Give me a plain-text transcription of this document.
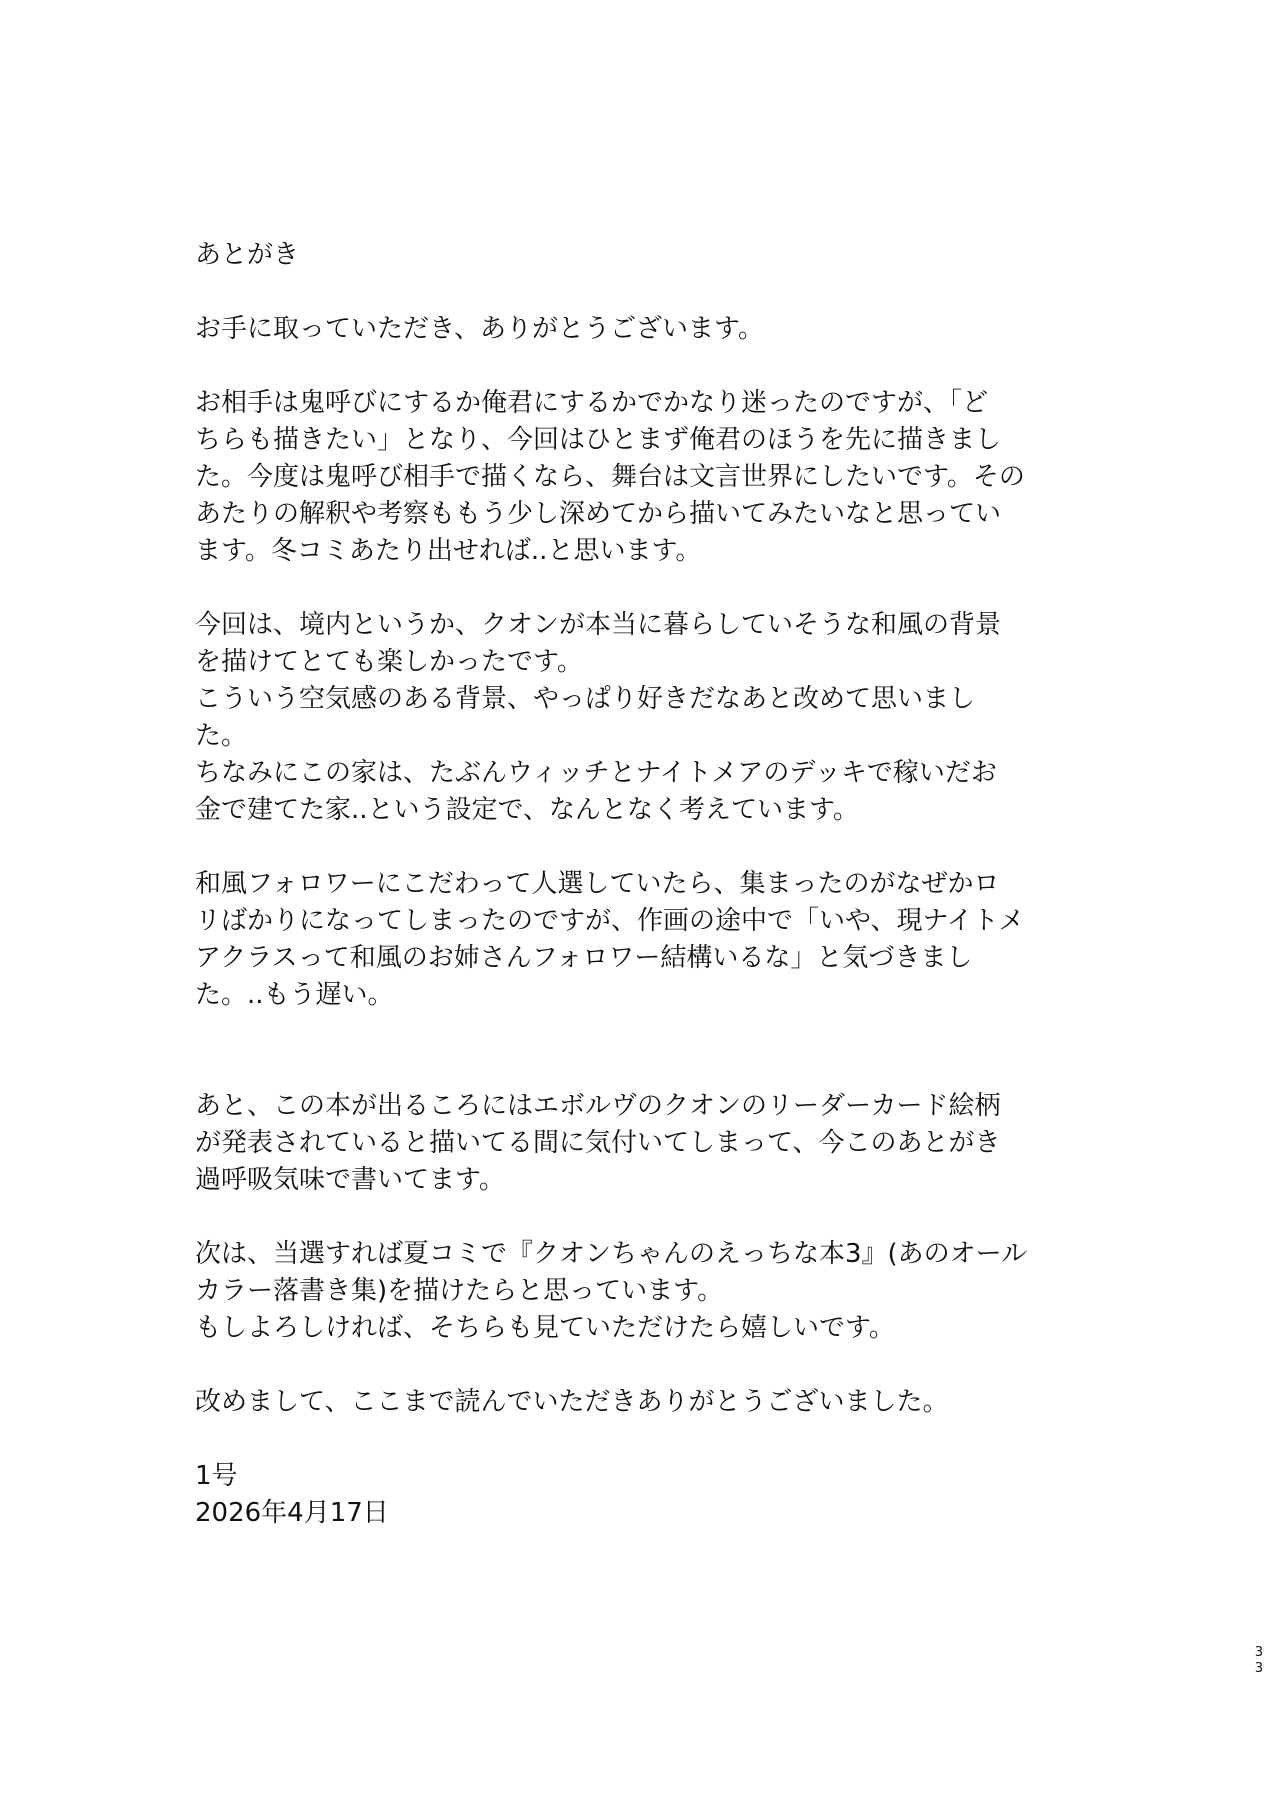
あとがき
お手に取っていただき、ありがとうございます。
お相手は鬼呼びにするか俺君にするかでかなり迷ったのですが、「ど
ちらも描きたい」となり、今回はひとまず俺君のほうを先に描きまし
た。今度は鬼呼び相手で描くなら、舞台は文言世界にしたいです。その
あたりの解釈や考察ももう少し深めてから描いてみたいなと思ってい
ます。冬コミあたり出せれば..と思います。
今回は、境内というか、クオンが本当に暮らしていそうな和風の背景
を描けてとても楽しかったです。
こういう空気感のある背景、やっぱり好きだなあと改めて思いまし
た。
ちなみにこの家は、たぶんウィッチとナイトメアのデッキで稼いだお
金で建てた家..という設定で、なんとなく考えています。
和風フォロワーにこだわって人選していたら、集まったのがなぜかロ
リばかりになってしまったのですが、作画の途中で「いや、現ナイトメ
アクラスって和風のお姉さんフォロワー結構いるな」と気づきまし
た。..もう遅い。
あと、この本が出るころにはエボルヴのクオンのリーダーカード絵柄
が発表されていると描いてる間に気付いてしまって、今このあとがき
過呼吸気味で書いてます。
次は、当選すれば夏コミで『クオンちゃんのえっちな本3』(あのオール
カラー落書き集)を描けたらと思っています。
もしよろしければ、そちらも見ていただけたら嬉しいです。
改めまして、ここまで読んでいただきありがとうございました。
1号
2026年4月17日
33
